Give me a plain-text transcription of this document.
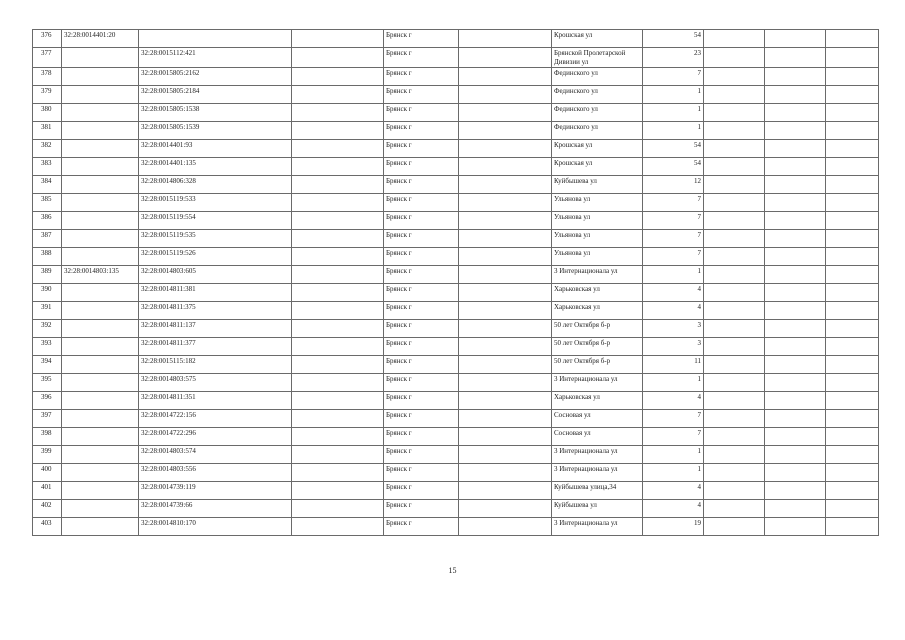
376	32:28:0014401:20			Брянск г		Крошская ул	54			
377		32:28:0015112:421		Брянск г		Брянской Пролетарской Дивизии ул	23			
378		32:28:0015805:2162		Брянск г		Фединского ул	7			
379		32:28:0015805:2184		Брянск г		Фединского ул	1			
380		32:28:0015805:1538		Брянск г		Фединского ул	1			
381		32:28:0015805:1539		Брянск г		Фединского ул	1			
382		32:28:0014401:93		Брянск г		Крошская ул	54			
383		32:28:0014401:135		Брянск г		Крошская ул	54			
384		32:28:0014806:328		Брянск г		Куйбышева ул	12			
385		32:28:0015119:533		Брянск г		Ульянова ул	7			
386		32:28:0015119:554		Брянск г		Ульянова ул	7			
387		32:28:0015119:535		Брянск г		Ульянова ул	7			
388		32:28:0015119:526		Брянск г		Ульянова ул	7			
389	32:28:0014803:135	32:28:0014803:605		Брянск г		3 Интернационала ул	1			
390		32:28:0014811:381		Брянск г		Харьковская ул	4			
391		32:28:0014811:375		Брянск г		Харьковская ул	4			
392		32:28:0014811:137		Брянск г		50 лет Октября б-р	3			
393		32:28:0014811:377		Брянск г		50 лет Октября б-р	3			
394		32:28:0015115:182		Брянск г		50 лет Октября б-р	11			
395		32:28:0014803:575		Брянск г		3 Интернационала ул	1			
396		32:28:0014811:351		Брянск г		Харьковская ул	4			
397		32:28:0014722:156		Брянск г		Сосновая ул	7			
398		32:28:0014722:296		Брянск г		Сосновая ул	7			
399		32:28:0014803:574		Брянск г		3 Интернационала ул	1			
400		32:28:0014803:556		Брянск г		3 Интернационала ул	1			
401		32:28:0014739:119		Брянск г		Куйбышева улица,34	4			
402		32:28:0014739:66		Брянск г		Куйбышева ул	4			
403		32:28:0014810:170		Брянск г		3 Интернационала ул	19			
15
